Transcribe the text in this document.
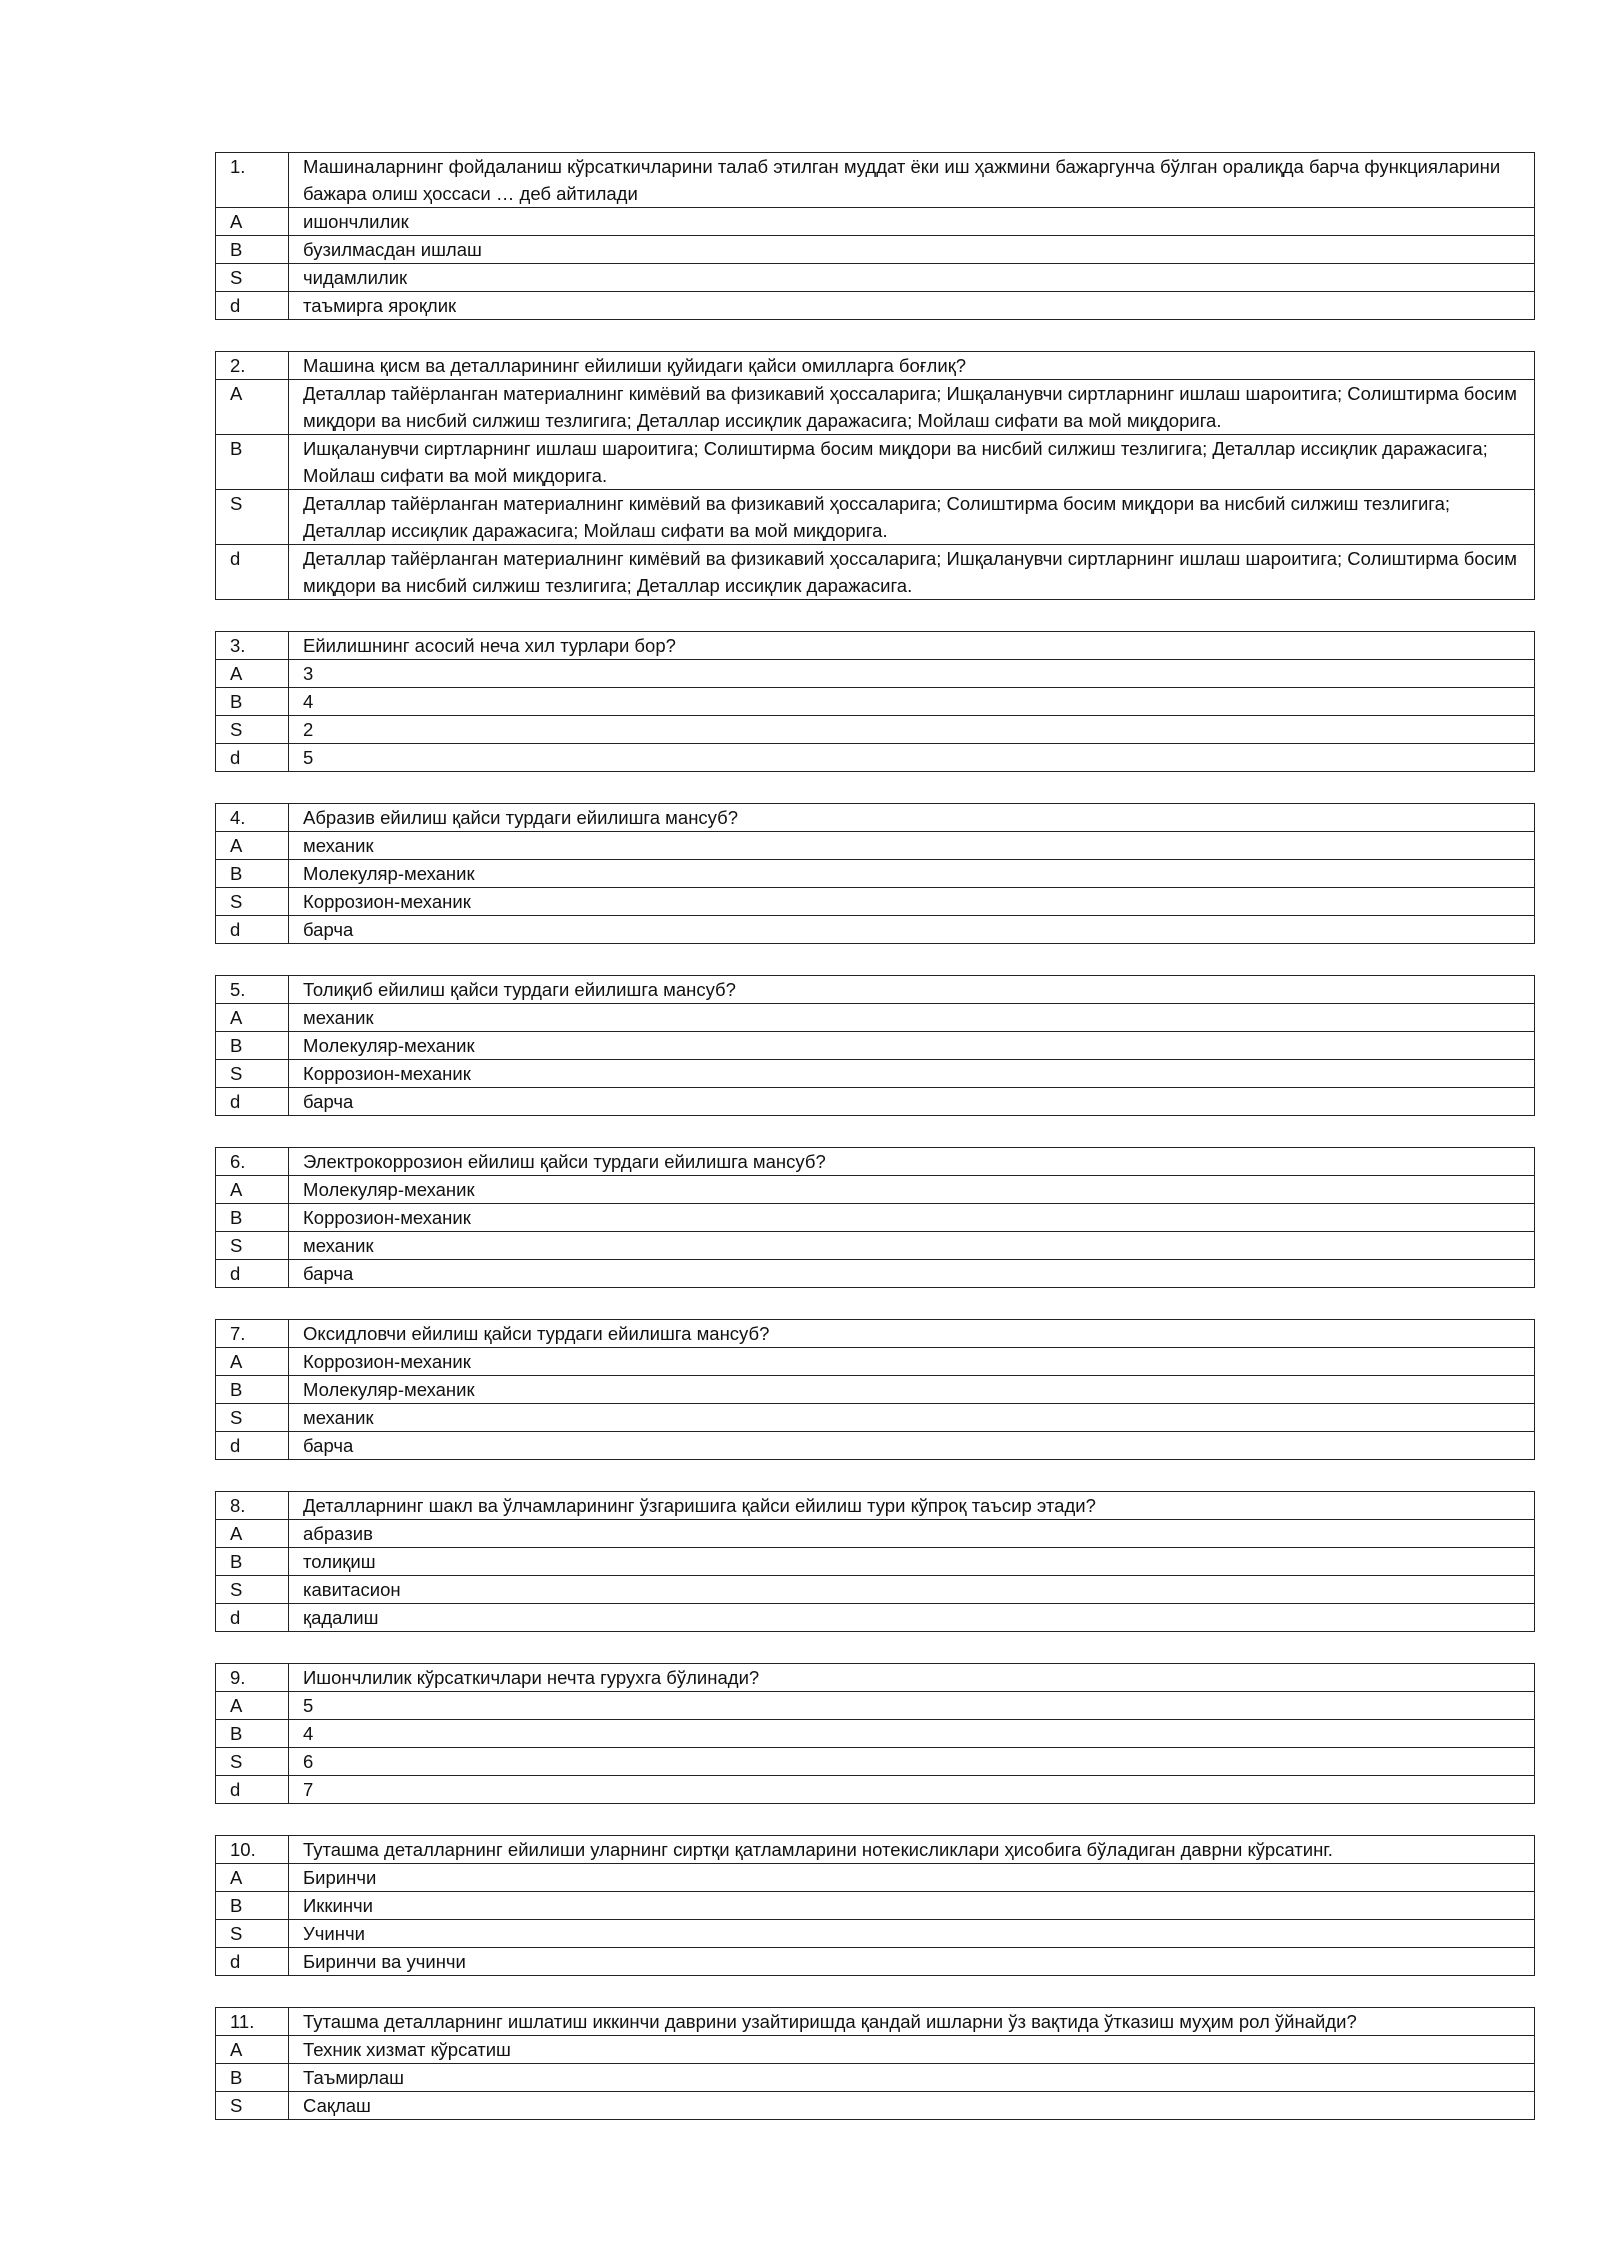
1.	Машиналарнинг фойдаланиш кўрсаткичларини талаб этилган муддат ёки иш ҳажмини бажаргунча бўлган оралиқда барча функцияларини бажара олиш ҳоссаси … деб айтилади
A	ишончлилик
B	бузилмасдан ишлаш
S	чидамлилик
d	таъмирга яроқлик
2.	Машина қисм ва деталларининг ейилиши қуйидаги қайси омилларга боғлиқ?
A	Деталлар тайёрланган материалнинг кимёвий ва физикавий ҳоссаларига; Ишқаланувчи сиртларнинг ишлаш шароитига; Солиштирма босим миқдори ва нисбий силжиш тезлигига; Деталлар иссиқлик даражасига; Мойлаш сифати ва мой миқдорига.
B	Ишқаланувчи сиртларнинг ишлаш шароитига; Солиштирма босим миқдори ва нисбий силжиш тезлигига; Деталлар иссиқлик даражасига; Мойлаш сифати ва мой миқдорига.
S	Деталлар тайёрланган материалнинг кимёвий ва физикавий ҳоссаларига; Солиштирма босим миқдори ва нисбий силжиш тезлигига; Деталлар иссиқлик даражасига; Мойлаш сифати ва мой миқдорига.
d	Деталлар тайёрланган материалнинг кимёвий ва физикавий ҳоссаларига; Ишқаланувчи сиртларнинг ишлаш шароитига; Солиштирма босим миқдори ва нисбий силжиш тезлигига; Деталлар иссиқлик даражасига.
3.	Ейилишнинг асосий неча хил турлари бор?
A	3
B	4
S	2
d	5
4.	Абразив ейилиш қайси турдаги ейилишга мансуб?
A	механик
B	Молекуляр-механик
S	Коррозион-механик
d	барча
5.	Толиқиб ейилиш қайси турдаги ейилишга мансуб?
A	механик
B	Молекуляр-механик
S	Коррозион-механик
d	барча
6.	Электрокоррозион ейилиш қайси турдаги ейилишга мансуб?
A	Молекуляр-механик
B	Коррозион-механик
S	механик
d	барча
7.	Оксидловчи ейилиш қайси турдаги ейилишга мансуб?
A	Коррозион-механик
B	Молекуляр-механик
S	механик
d	барча
8.	Деталларнинг шакл ва ўлчамларининг ўзгаришига қайси ейилиш тури кўпроқ таъсир этади?
A	абразив
B	толиқиш
S	кавитасион
d	қадалиш
9.	Ишончлилик кўрсаткичлари нечта гурухга бўлинади?
A	5
B	4
S	6
d	7
10.	Туташма деталларнинг ейилиши уларнинг сиртқи қатламларини нотекисликлари ҳисобига бўладиган даврни кўрсатинг.
A	Биринчи
B	Иккинчи
S	Учинчи
d	Биринчи ва учинчи
11.	Туташма деталларнинг ишлатиш иккинчи даврини узайтиришда қандай ишларни ўз вақтида ўтказиш муҳим рол ўйнайди?
A	Техник хизмат кўрсатиш
B	Таъмирлаш
S	Сақлаш
